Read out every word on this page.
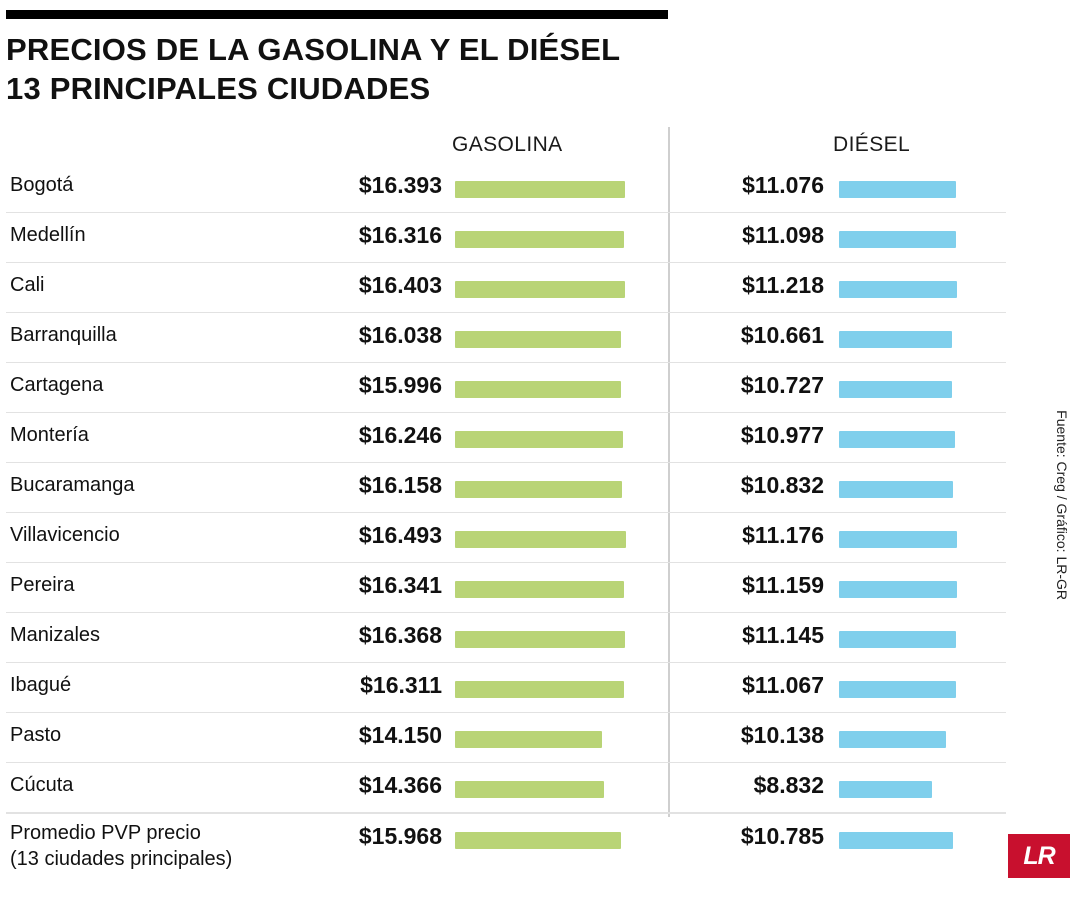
PRECIOS DE LA GASOLINA Y EL DIÉSEL
13 PRINCIPALES CIUDADES
GASOLINA	DIÉSEL
Bogotá	$16.393	$11.076
Medellín	$16.316	$11.098
Cali	$16.403	$11.218
Barranquilla	$16.038	$10.661
Cartagena	$15.996	$10.727
Montería	$16.246	$10.977
Bucaramanga	$16.158	$10.832
Villavicencio	$16.493	$11.176
Pereira	$16.341	$11.159
Manizales	$16.368	$11.145
Ibagué	$16.311	$11.067
Pasto	$14.150	$10.138
Cúcuta	$14.366	$8.832
Promedio PVP precio
(13 ciudades principales)
$15.968	$10.785
Fuente: Creg / Gráfico: LR-GR
LR
